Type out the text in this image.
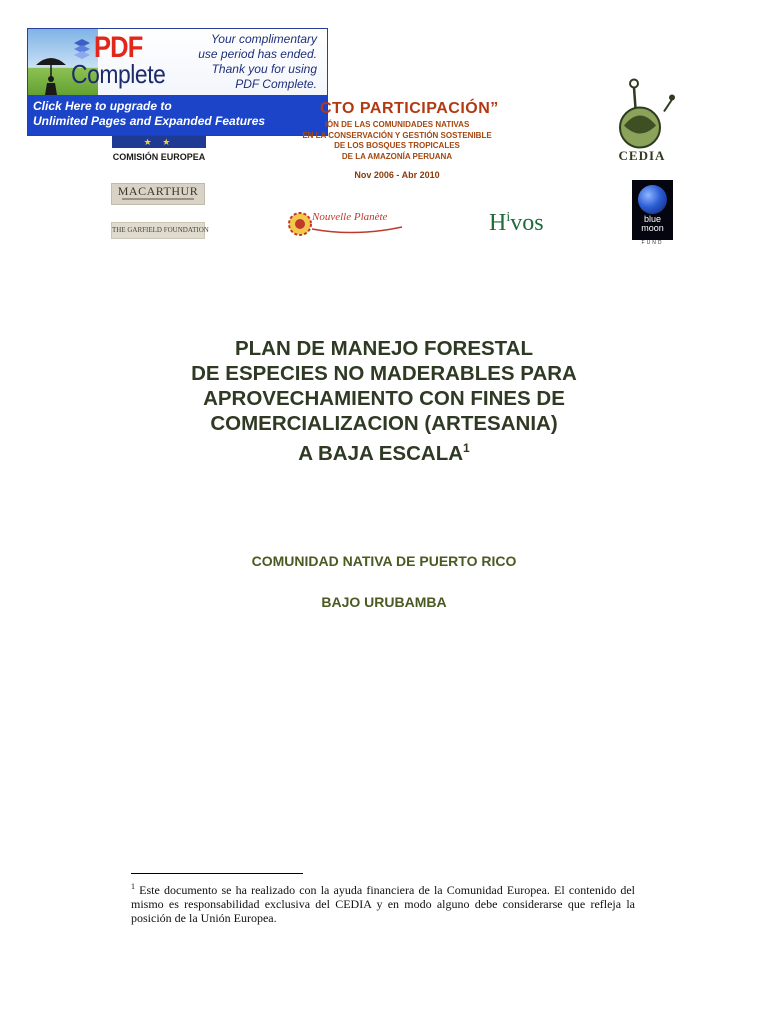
PDF
Complete
Your complimentary
use period has ended.
Thank you for using
PDF Complete.
Click Here to upgrade to
Unlimited Pages and Expanded Features
★ ★
COMISIÓN EUROPEA
CTO PARTICIPACIÓN”
IÓN DE LAS COMUNIDADES NATIVAS
EN LA CONSERVACIÓN Y GESTIÓN SOSTENIBLE
DE LOS BOSQUES TROPICALES
DE LA AMAZONÍA PERUANA
Nov 2006 - Abr 2010
CEDIA
MACARTHUR
THE GARFIELD FOUNDATION
Nouvelle Planète	$H^ivos$	blue
moon
FUND
PLAN DE MANEJO FORESTAL
DE ESPECIES NO MADERABLES PARA
APROVECHAMIENTO CON FINES DE
COMERCIALIZACION (ARTESANIA)
A BAJA ESCALA$^1$
COMUNIDAD NATIVA DE PUERTO RICO
BAJO URUBAMBA
$^1$ Este documento se ha realizado con la ayuda financiera de la Comunidad Europea. El contenido del mismo es responsabilidad exclusiva del CEDIA y en modo alguno debe considerarse que refleja la posición de la Unión Europea.
